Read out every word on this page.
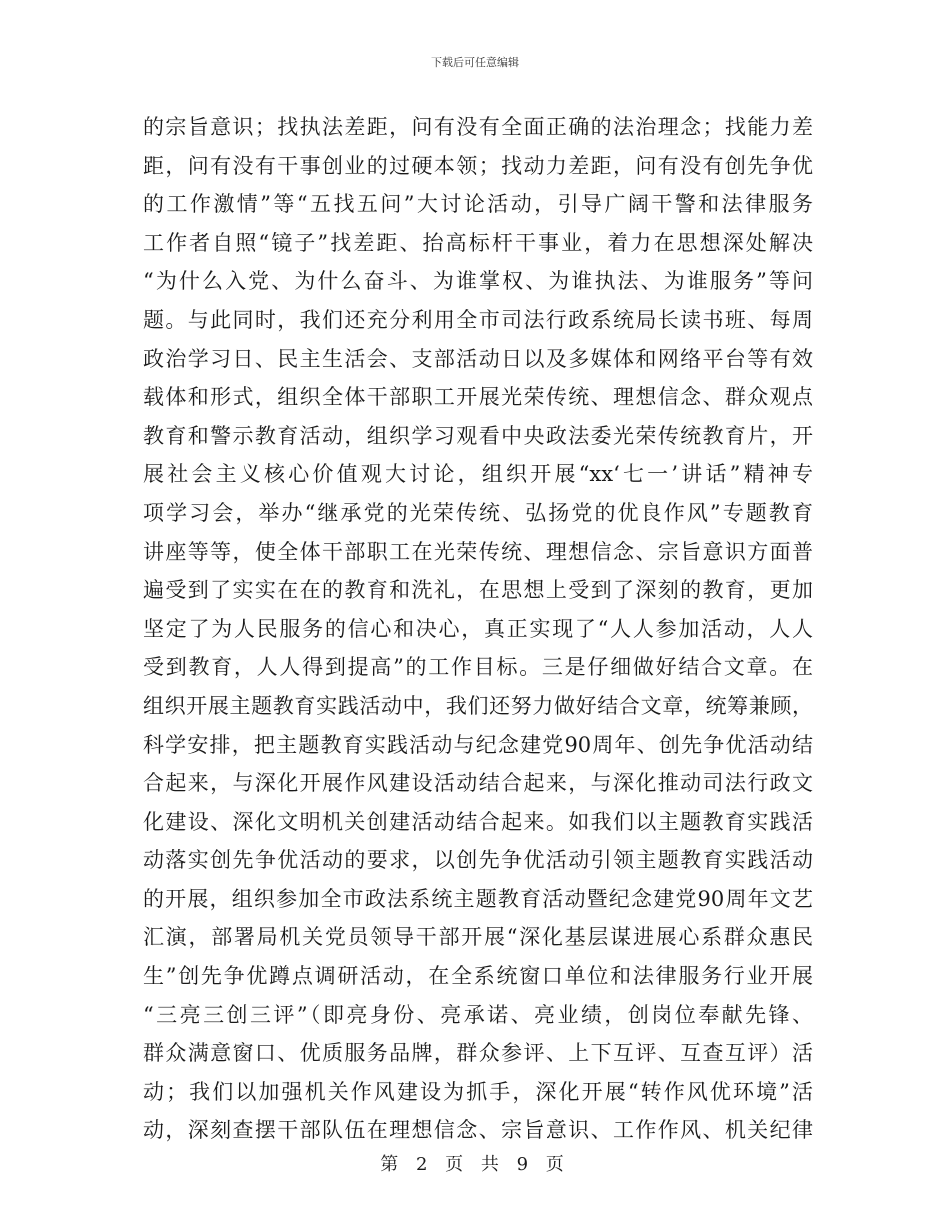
下载后可任意编辑
的宗旨意识；找执法差距，问有没有全面正确的法治理念；找能力差
距，问有没有干事创业的过硬本领；找动力差距，问有没有创先争优
的工作激情”等“五找五问”大讨论活动，引导广阔干警和法律服务
工作者自照“镜子”找差距、抬高标杆干事业，着力在思想深处解决
“为什么入党、为什么奋斗、为谁掌权、为谁执法、为谁服务”等问
题。与此同时，我们还充分利用全市司法行政系统局长读书班、每周
政治学习日、民主生活会、支部活动日以及多媒体和网络平台等有效
载体和形式，组织全体干部职工开展光荣传统、理想信念、群众观点
教育和警示教育活动，组织学习观看中央政法委光荣传统教育片，开
展社会主义核心价值观大讨论，组织开展“xx‘七一’讲话”精神专
项学习会，举办“继承党的光荣传统、弘扬党的优良作风”专题教育
讲座等等，使全体干部职工在光荣传统、理想信念、宗旨意识方面普
遍受到了实实在在的教育和洗礼，在思想上受到了深刻的教育，更加
坚定了为人民服务的信心和决心，真正实现了“人人参加活动，人人
受到教育，人人得到提高”的工作目标。三是仔细做好结合文章。在
组织开展主题教育实践活动中，我们还努力做好结合文章，统筹兼顾，
科学安排，把主题教育实践活动与纪念建党90周年、创先争优活动结
合起来，与深化开展作风建设活动结合起来，与深化推动司法行政文
化建设、深化文明机关创建活动结合起来。如我们以主题教育实践活
动落实创先争优活动的要求，以创先争优活动引领主题教育实践活动
的开展，组织参加全市政法系统主题教育活动暨纪念建党90周年文艺
汇演，部署局机关党员领导干部开展“深化基层谋进展心系群众惠民
生”创先争优蹲点调研活动，在全系统窗口单位和法律服务行业开展
“三亮三创三评”（即亮身份、亮承诺、亮业绩，创岗位奉献先锋、
群众满意窗口、优质服务品牌，群众参评、上下互评、互查互评）活
动；我们以加强机关作风建设为抓手，深化开展“转作风优环境”活
动，深刻查摆干部队伍在理想信念、宗旨意识、工作作风、机关纪律
第 2 页 共 9 页
